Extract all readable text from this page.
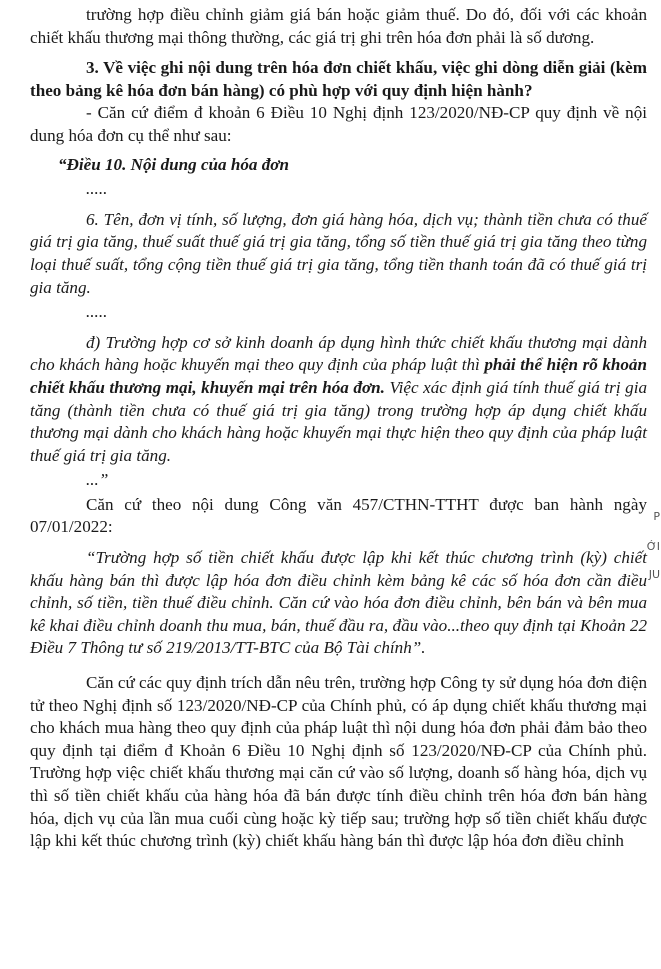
trường hợp điều chỉnh giảm giá bán hoặc giảm thuế. Do đó, đối với các khoản chiết khấu thương mại thông thường, các giá trị ghi trên hóa đơn phải là số dương.

3. Về việc ghi nội dung trên hóa đơn chiết khấu, việc ghi dòng diễn giải (kèm theo bảng kê hóa đơn bán hàng) có phù hợp với quy định hiện hành?

- Căn cứ điểm đ khoản 6 Điều 10 Nghị định 123/2020/NĐ-CP quy định về nội dung hóa đơn cụ thể như sau:

“Điều 10. Nội dung của hóa đơn

.....

6. Tên, đơn vị tính, số lượng, đơn giá hàng hóa, dịch vụ; thành tiền chưa có thuế giá trị gia tăng, thuế suất thuế giá trị gia tăng, tổng số tiền thuế giá trị gia tăng theo từng loại thuế suất, tổng cộng tiền thuế giá trị gia tăng, tổng tiền thanh toán đã có thuế giá trị gia tăng.

.....

đ) Trường hợp cơ sở kinh doanh áp dụng hình thức chiết khấu thương mại dành cho khách hàng hoặc khuyến mại theo quy định của pháp luật thì phải thể hiện rõ khoản chiết khấu thương mại, khuyến mại trên hóa đơn. Việc xác định giá tính thuế giá trị gia tăng (thành tiền chưa có thuế giá trị gia tăng) trong trường hợp áp dụng chiết khấu thương mại dành cho khách hàng hoặc khuyến mại thực hiện theo quy định của pháp luật thuế giá trị gia tăng.

...”

Căn cứ theo nội dung Công văn 457/CTHN-TTHT được ban hành ngày 07/01/2022:

“Trường hợp số tiền chiết khấu được lập khi kết thúc chương trình (kỳ) chiết khấu hàng bán thì được lập hóa đơn điều chỉnh kèm bảng kê các số hóa đơn cần điều chỉnh, số tiền, tiền thuế điều chỉnh. Căn cứ vào hóa đơn điều chỉnh, bên bán và bên mua kê khai điều chỉnh doanh thu mua, bán, thuế đầu ra, đầu vào...theo quy định tại Khoản 22 Điều 7 Thông tư số 219/2013/TT-BTC của Bộ Tài chính”.

Căn cứ các quy định trích dẫn nêu trên, trường hợp Công ty sử dụng hóa đơn điện tử theo Nghị định số 123/2020/NĐ-CP của Chính phủ, có áp dụng chiết khấu thương mại cho khách mua hàng theo quy định của pháp luật thì nội dung hóa đơn phải đảm bảo theo quy định tại điểm đ Khoản 6 Điều 10 Nghị định số 123/2020/NĐ-CP của Chính phủ. Trường hợp việc chiết khấu thương mại căn cứ vào số lượng, doanh số hàng hóa, dịch vụ thì số tiền chiết khấu của hàng hóa đã bán được tính điều chỉnh trên hóa đơn bán hàng hóa, dịch vụ của lần mua cuối cùng hoặc kỳ tiếp sau; trường hợp số tiền chiết khấu được lập khi kết thúc chương trình (kỳ) chiết khấu hàng bán thì được lập hóa đơn điều chỉnh

P
ỚI
JU
